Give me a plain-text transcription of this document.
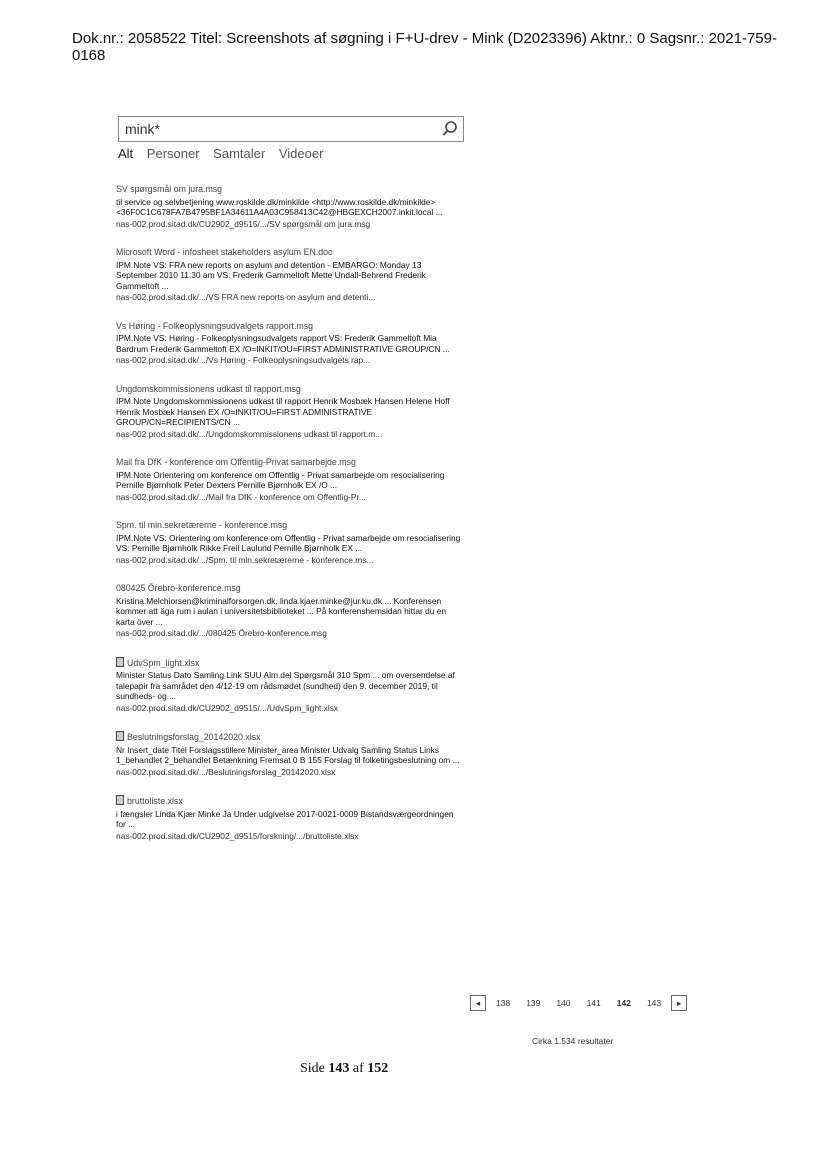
Dok.nr.: 2058522 Titel: Screenshots af søgning i F+U-drev - Mink (D2023396) Aktnr.: 0 Sagsnr.: 2021-759-0168
mink*
Alt Personer Samtaler Videoer
SV spørgsmål om jura.msg
til service og selvbetjening www.roskilde.dk/minkilde <http://www.roskilde.dk/minkilde> <36F0C1C678FA7B4795BF1A34611A4A03C958413C42@HBGEXCH2007.inkit.local ...
nas-002.prod.sitad.dk/CU2902_d9515/.../SV spørgsmål om jura.msg
Microsoft Word - infosheet stakeholders asylum EN.doc
IPM.Note VS: FRA new reports on asylum and detention - EMBARGO: Monday 13 September 2010 11.30 am VS: Frederik Gammeltoft Mette Undall-Behrend Frederik Gammeltoft ...
nas-002.prod.sitad.dk/.../VS FRA new reports on asylum and detenti...
Vs Høring - Folkeoplysningsudvalgets rapport.msg
IPM.Note VS: Høring - Folkeoplysningsudvalgets rapport VS: Frederik Gammeltoft Mia Bardrum Frederik Gammeltoft EX /O=INKIT/OU=FIRST ADMINISTRATIVE GROUP/CN ...
nas-002.prod.sitad.dk/.../Vs Høring - Folkeoplysningsudvalgets rap...
Ungdomskommissionens udkast til rapport.msg
IPM.Note Ungdomskommissionens udkast til rapport Henrik Mosbæk Hansen Helene Hoff Henrik Mosbæk Hansen EX /O=INKIT/OU=FIRST ADMINISTRATIVE GROUP/CN=RECIPIENTS/CN ...
nas-002.prod.sitad.dk/.../Ungdomskommissionens udkast til rapport.m...
Mail fra DfK - konference om Offentlig-Privat samarbejde.msg
IPM.Note Orientering om konference om Offentlig - Privat samarbejde om resocialisering Pernille Bjørnholk Peter Dexters Pernille Bjørnholk EX /O ...
nas-002.prod.sitad.dk/.../Mail fra DfK - konference om Offentlig-Pr...
Spm. til min.sekretærerne - konference.msg
IPM.Note VS: Orientering om konference om Offentlig - Privat samarbejde om resocialisering VS: Pernille Bjørnholk Rikke Freil Laulund Pernille Bjørnholk EX ...
nas-002.prod.sitad.dk/.../Spm. til min.sekretærerne - konference.ms...
080425 Örebro-konference.msg
Kristina.Melchiorsen@kriminalforsorgen.dk, linda.kjaer.minke@jur.ku.dk ... Konferensen kommer att äga rum i aulan i universitetsbiblioteket ... På konferenshemsidan hittar du en karta över ...
nas-002.prod.sitad.dk/.../080425 Örebro-konference.msg
UdvSpm_light.xlsx
Minister Status Dato Samling Link SUU Alm.del Spørgsmål 310 Spm ... om oversendelse af talepapir fra samrådet den 4/12-19 om rådsmødet (sundhed) den 9. december 2019, til sundheds- og ...
nas-002.prod.sitad.dk/CU2902_d9515/.../UdvSpm_light.xlsx
Beslutningsforslag_20142020.xlsx
Nr Insert_date Titel Forslagsstillere Minister_area Minister Udvalg Samling Status Links 1_behandlet 2_behandlet Betænkning Fremsat 0 B 155 Forslag til folketingsbeslutning om ...
nas-002.prod.sitad.dk/.../Beslutningsforslag_20142020.xlsx
bruttoliste.xlsx
i fængsler Linda Kjær Minke Ja Under udgivelse 2017-0021-0009 Bistandsværgeordningen for ...
nas-002.prod.sitad.dk/CU2902_d9515/forskning/.../bruttoliste.xlsx
◂	138 139 140 141 142 143	▸
Cirka 1.534 resultater
Side 143 af 152
